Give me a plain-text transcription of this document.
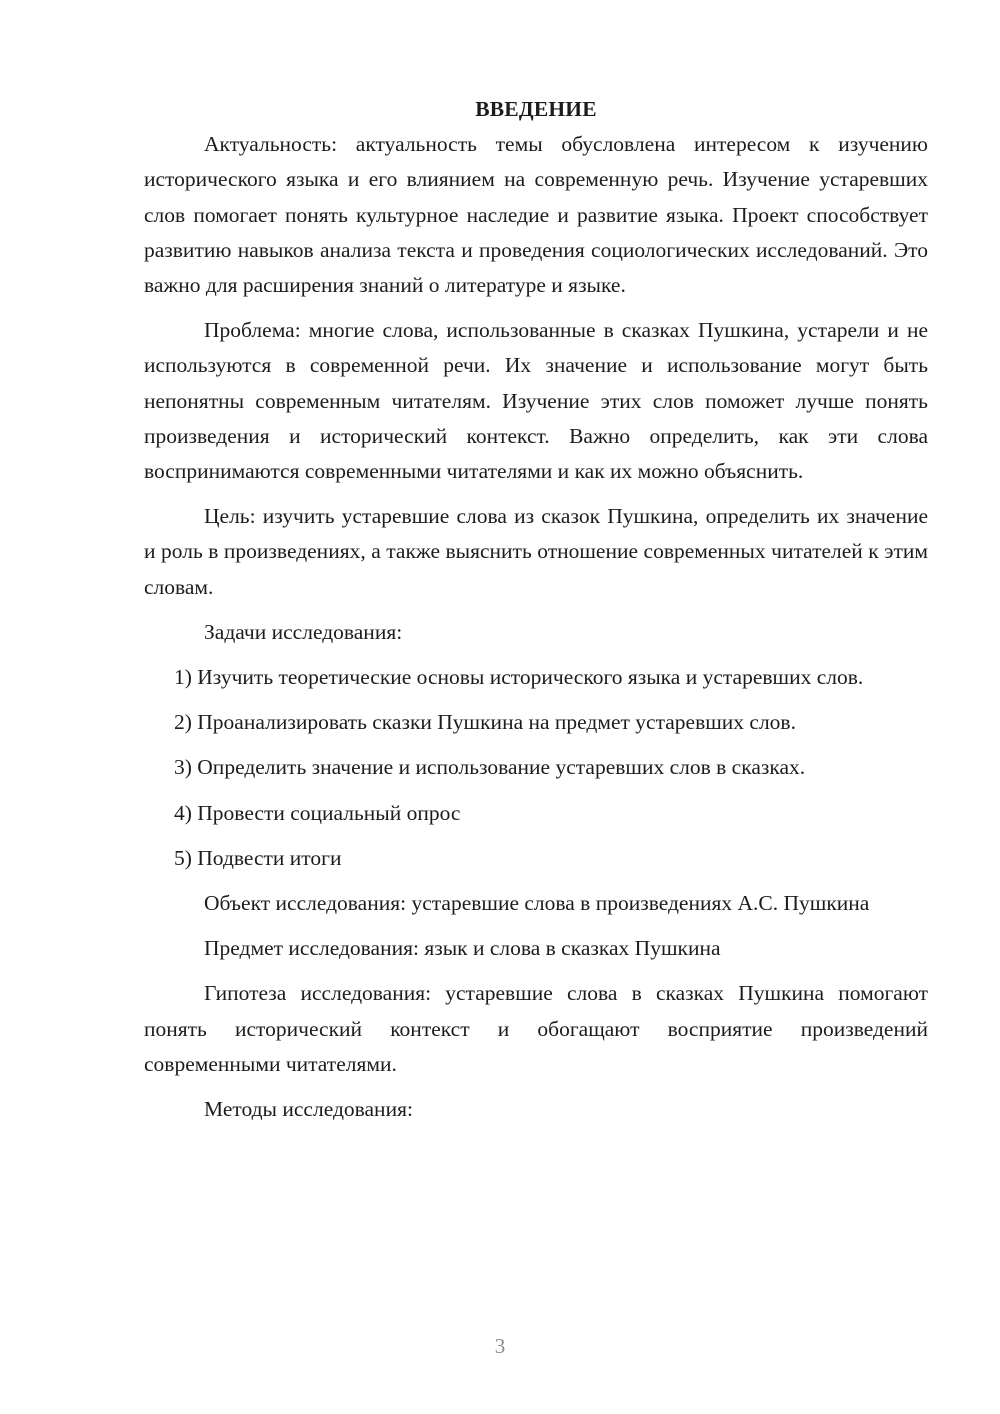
ВВЕДЕНИЕ

Актуальность: актуальность темы обусловлена интересом к изучению исторического языка и его влиянием на современную речь. Изучение устаревших слов помогает понять культурное наследие и развитие языка. Проект способствует развитию навыков анализа текста и проведения социологических исследований. Это важно для расширения знаний о литературе и языке.

Проблема: многие слова, использованные в сказках Пушкина, устарели и не используются в современной речи. Их значение и использование могут быть непонятны современным читателям. Изучение этих слов поможет лучше понять произведения и исторический контекст. Важно определить, как эти слова воспринимаются современными читателями и как их можно объяснить.

Цель: изучить устаревшие слова из сказок Пушкина, определить их значение и роль в произведениях, а также выяснить отношение современных читателей к этим словам.

Задачи исследования:

1) Изучить теоретические основы исторического языка и устаревших слов.

2) Проанализировать сказки Пушкина на предмет устаревших слов.

3) Определить значение и использование устаревших слов в сказках.

4) Провести социальный опрос

5) Подвести итоги

Объект исследования: устаревшие слова в произведениях А.С. Пушкина

Предмет исследования: язык и слова в сказках Пушкина

Гипотеза исследования: устаревшие слова в сказках Пушкина помогают понять исторический контекст и обогащают восприятие произведений современными читателями.

Методы исследования:

3
